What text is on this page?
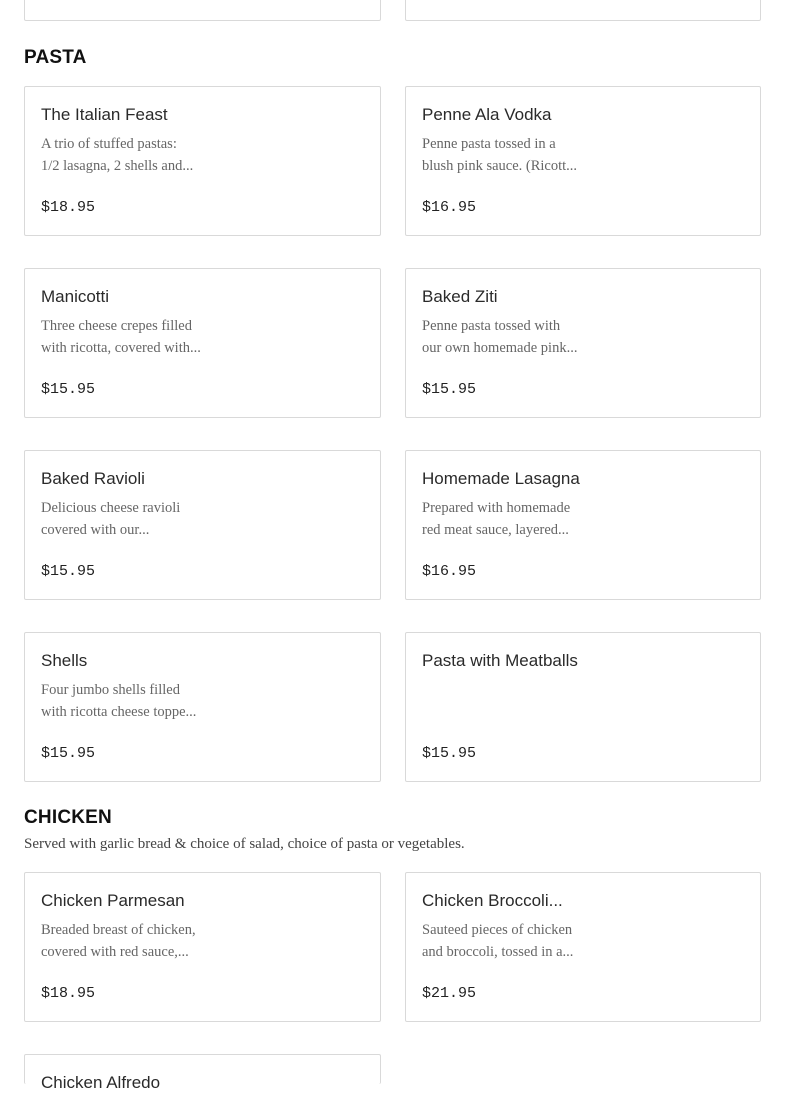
PASTA
The Italian Feast
A trio of stuffed pastas:
1/2 lasagna, 2 shells and...
$18.95
Penne Ala Vodka
Penne pasta tossed in a
blush pink sauce. (Ricott...
$16.95
Manicotti
Three cheese crepes filled
with ricotta, covered with...
$15.95
Baked Ziti
Penne pasta tossed with
our own homemade pink...
$15.95
Baked Ravioli
Delicious cheese ravioli
covered with our...
$15.95
Homemade Lasagna
Prepared with homemade
red meat sauce, layered...
$16.95
Shells
Four jumbo shells filled
with ricotta cheese toppe...
$15.95
Pasta with Meatballs
$15.95
CHICKEN
Served with garlic bread & choice of salad, choice of pasta or vegetables.
Chicken Parmesan
Breaded breast of chicken,
covered with red sauce,...
$18.95
Chicken Broccoli...
Sauteed pieces of chicken
and broccoli, tossed in a...
$21.95
Chicken Alfredo
